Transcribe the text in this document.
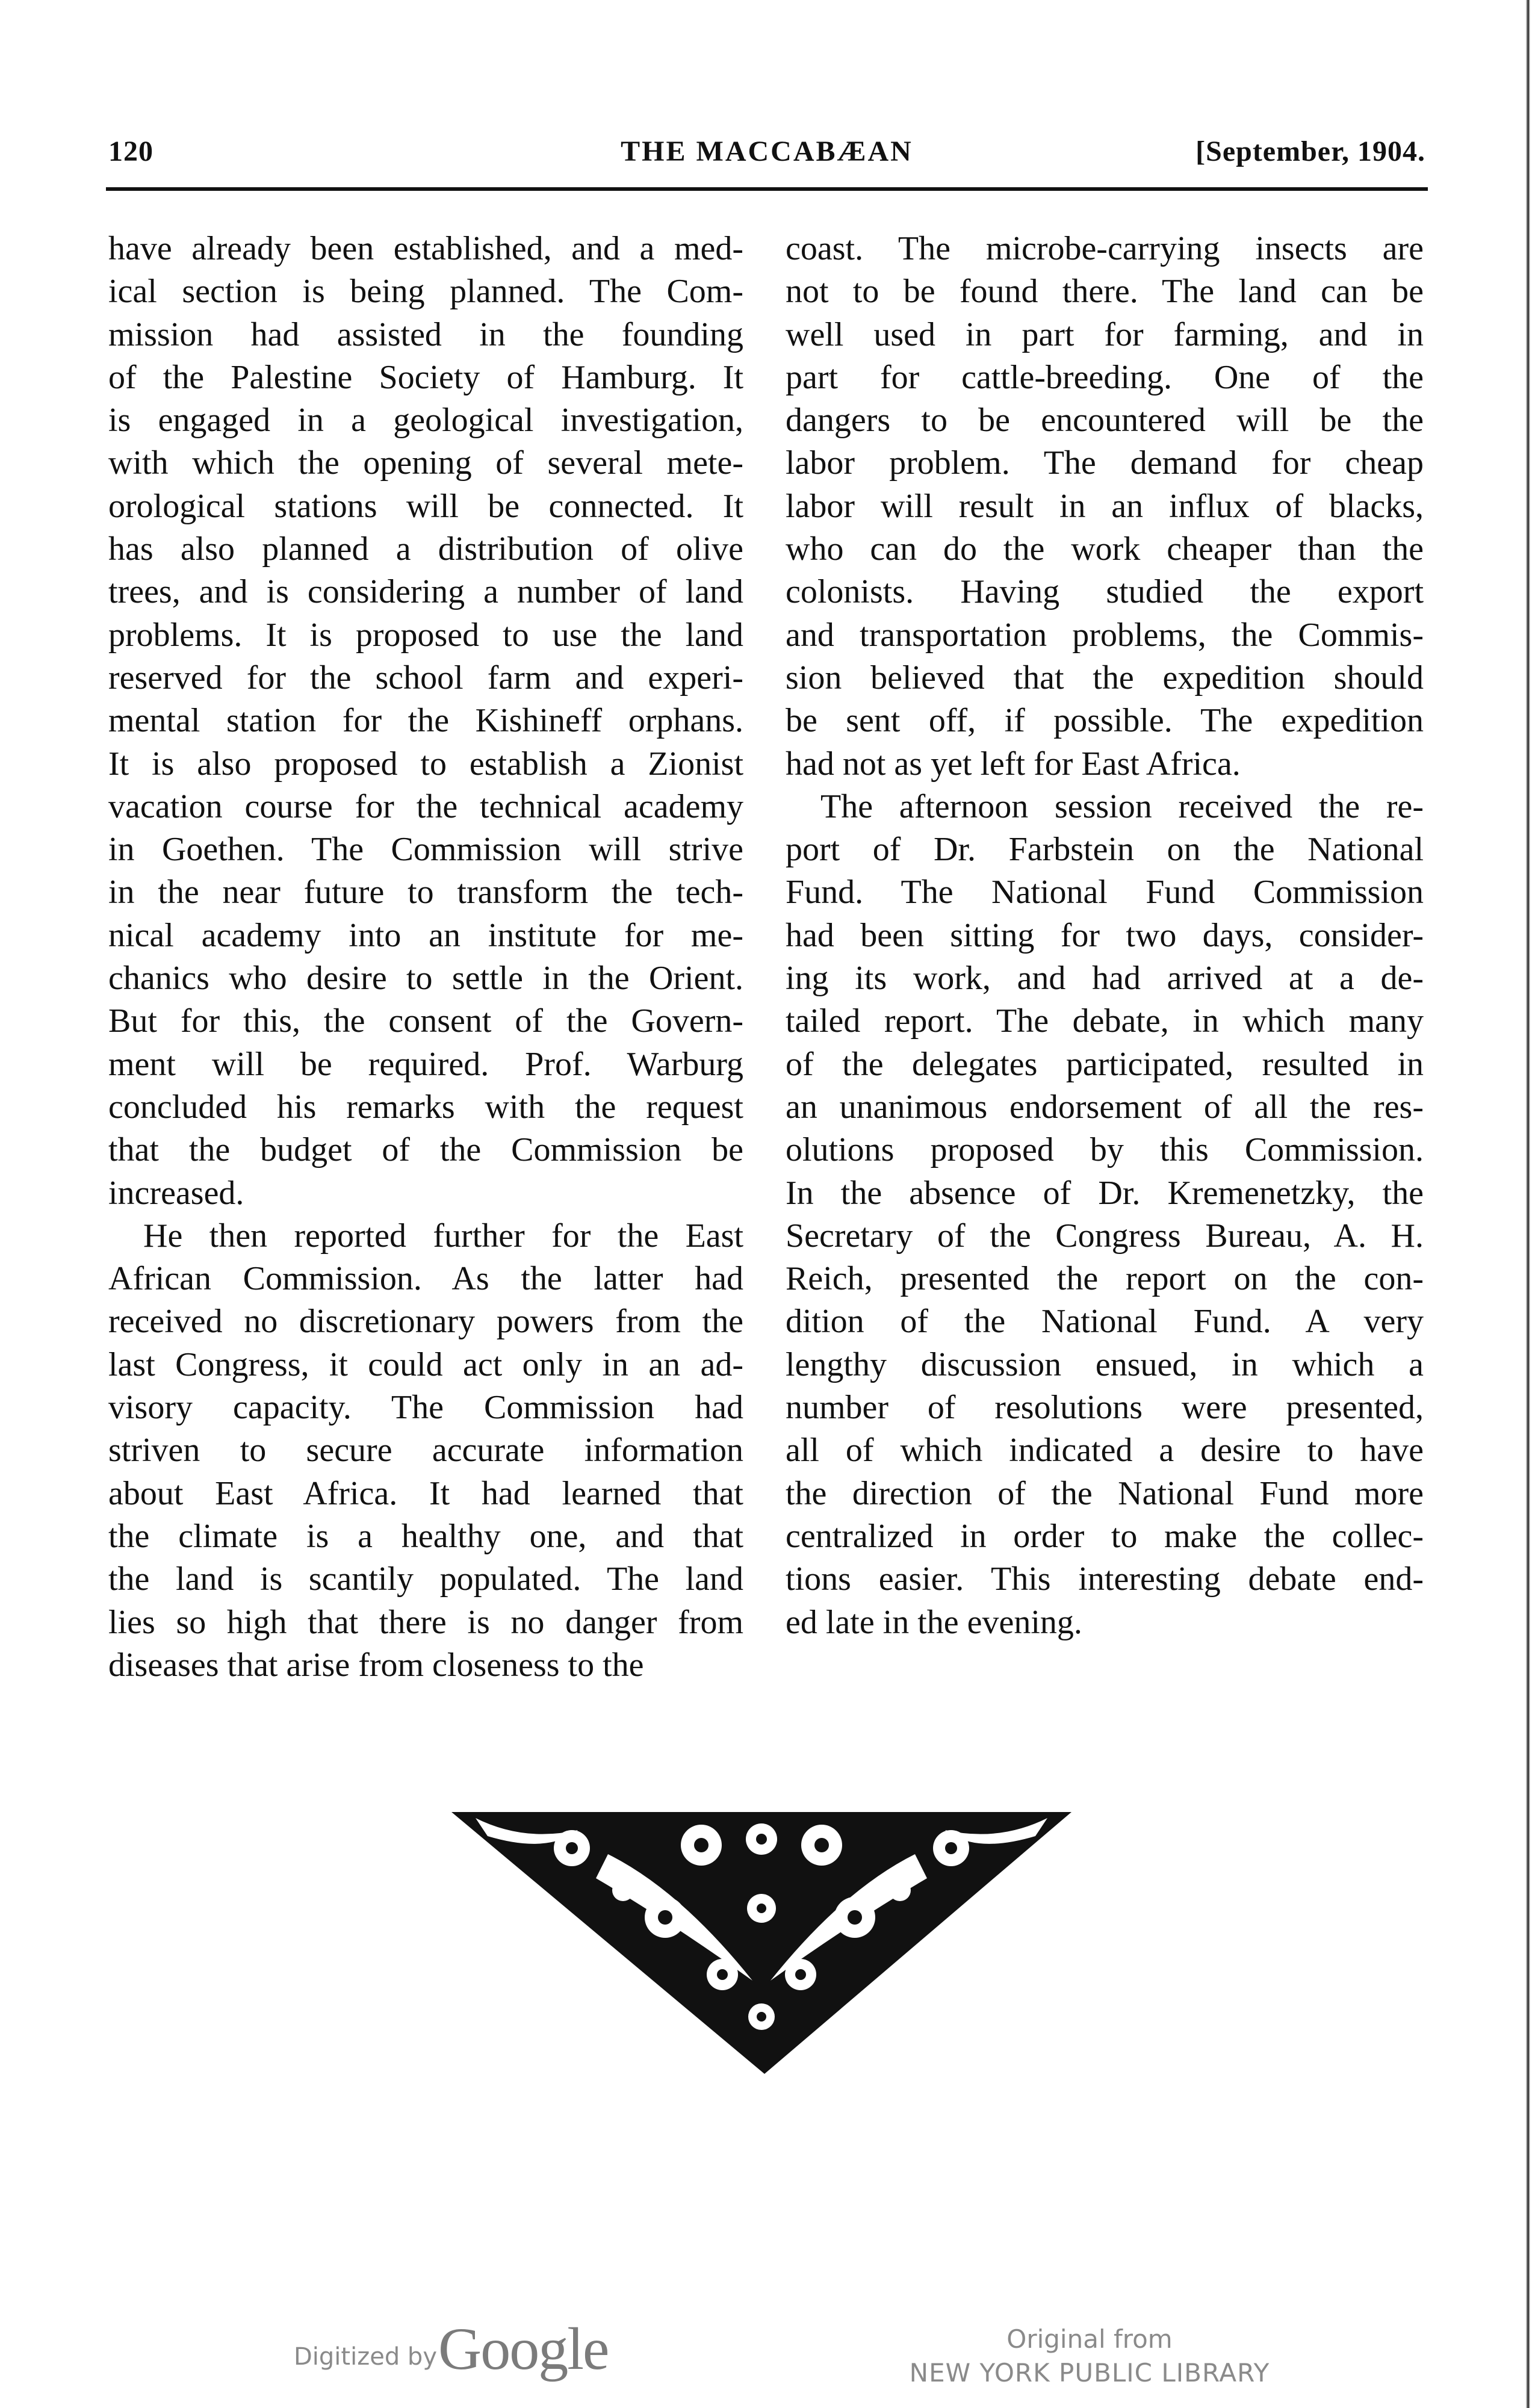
120	THE MACCABÆAN	[September, 1904.
have already been established, and a med-
ical section is being planned. The Com-
mission had assisted in the founding
of the Palestine Society of Hamburg. It
is engaged in a geological investigation,
with which the opening of several mete-
orological stations will be connected. It
has also planned a distribution of olive
trees, and is considering a number of land
problems. It is proposed to use the land
reserved for the school farm and experi-
mental station for the Kishineff orphans.
It is also proposed to establish a Zionist
vacation course for the technical academy
in Goethen. The Commission will strive
in the near future to transform the tech-
nical academy into an institute for me-
chanics who desire to settle in the Orient.
But for this, the consent of the Govern-
ment will be required. Prof. Warburg
concluded his remarks with the request
that the budget of the Commission be
increased.
He then reported further for the East
African Commission. As the latter had
received no discretionary powers from the
last Congress, it could act only in an ad-
visory capacity. The Commission had
striven to secure accurate information
about East Africa. It had learned that
the climate is a healthy one, and that
the land is scantily populated. The land
lies so high that there is no danger from
diseases that arise from closeness to the
coast. The microbe-carrying insects are
not to be found there. The land can be
well used in part for farming, and in
part for cattle-breeding. One of the
dangers to be encountered will be the
labor problem. The demand for cheap
labor will result in an influx of blacks,
who can do the work cheaper than the
colonists. Having studied the export
and transportation problems, the Commis-
sion believed that the expedition should
be sent off, if possible. The expedition
had not as yet left for East Africa.
The afternoon session received the re-
port of Dr. Farbstein on the National
Fund. The National Fund Commission
had been sitting for two days, consider-
ing its work, and had arrived at a de-
tailed report. The debate, in which many
of the delegates participated, resulted in
an unanimous endorsement of all the res-
olutions proposed by this Commission.
In the absence of Dr. Kremenetzky, the
Secretary of the Congress Bureau, A. H.
Reich, presented the report on the con-
dition of the National Fund. A very
lengthy discussion ensued, in which a
number of resolutions were presented,
all of which indicated a desire to have
the direction of the National Fund more
centralized in order to make the collec-
tions easier. This interesting debate end-
ed late in the evening.
Digitized by Google	Original from
NEW YORK PUBLIC LIBRARY
